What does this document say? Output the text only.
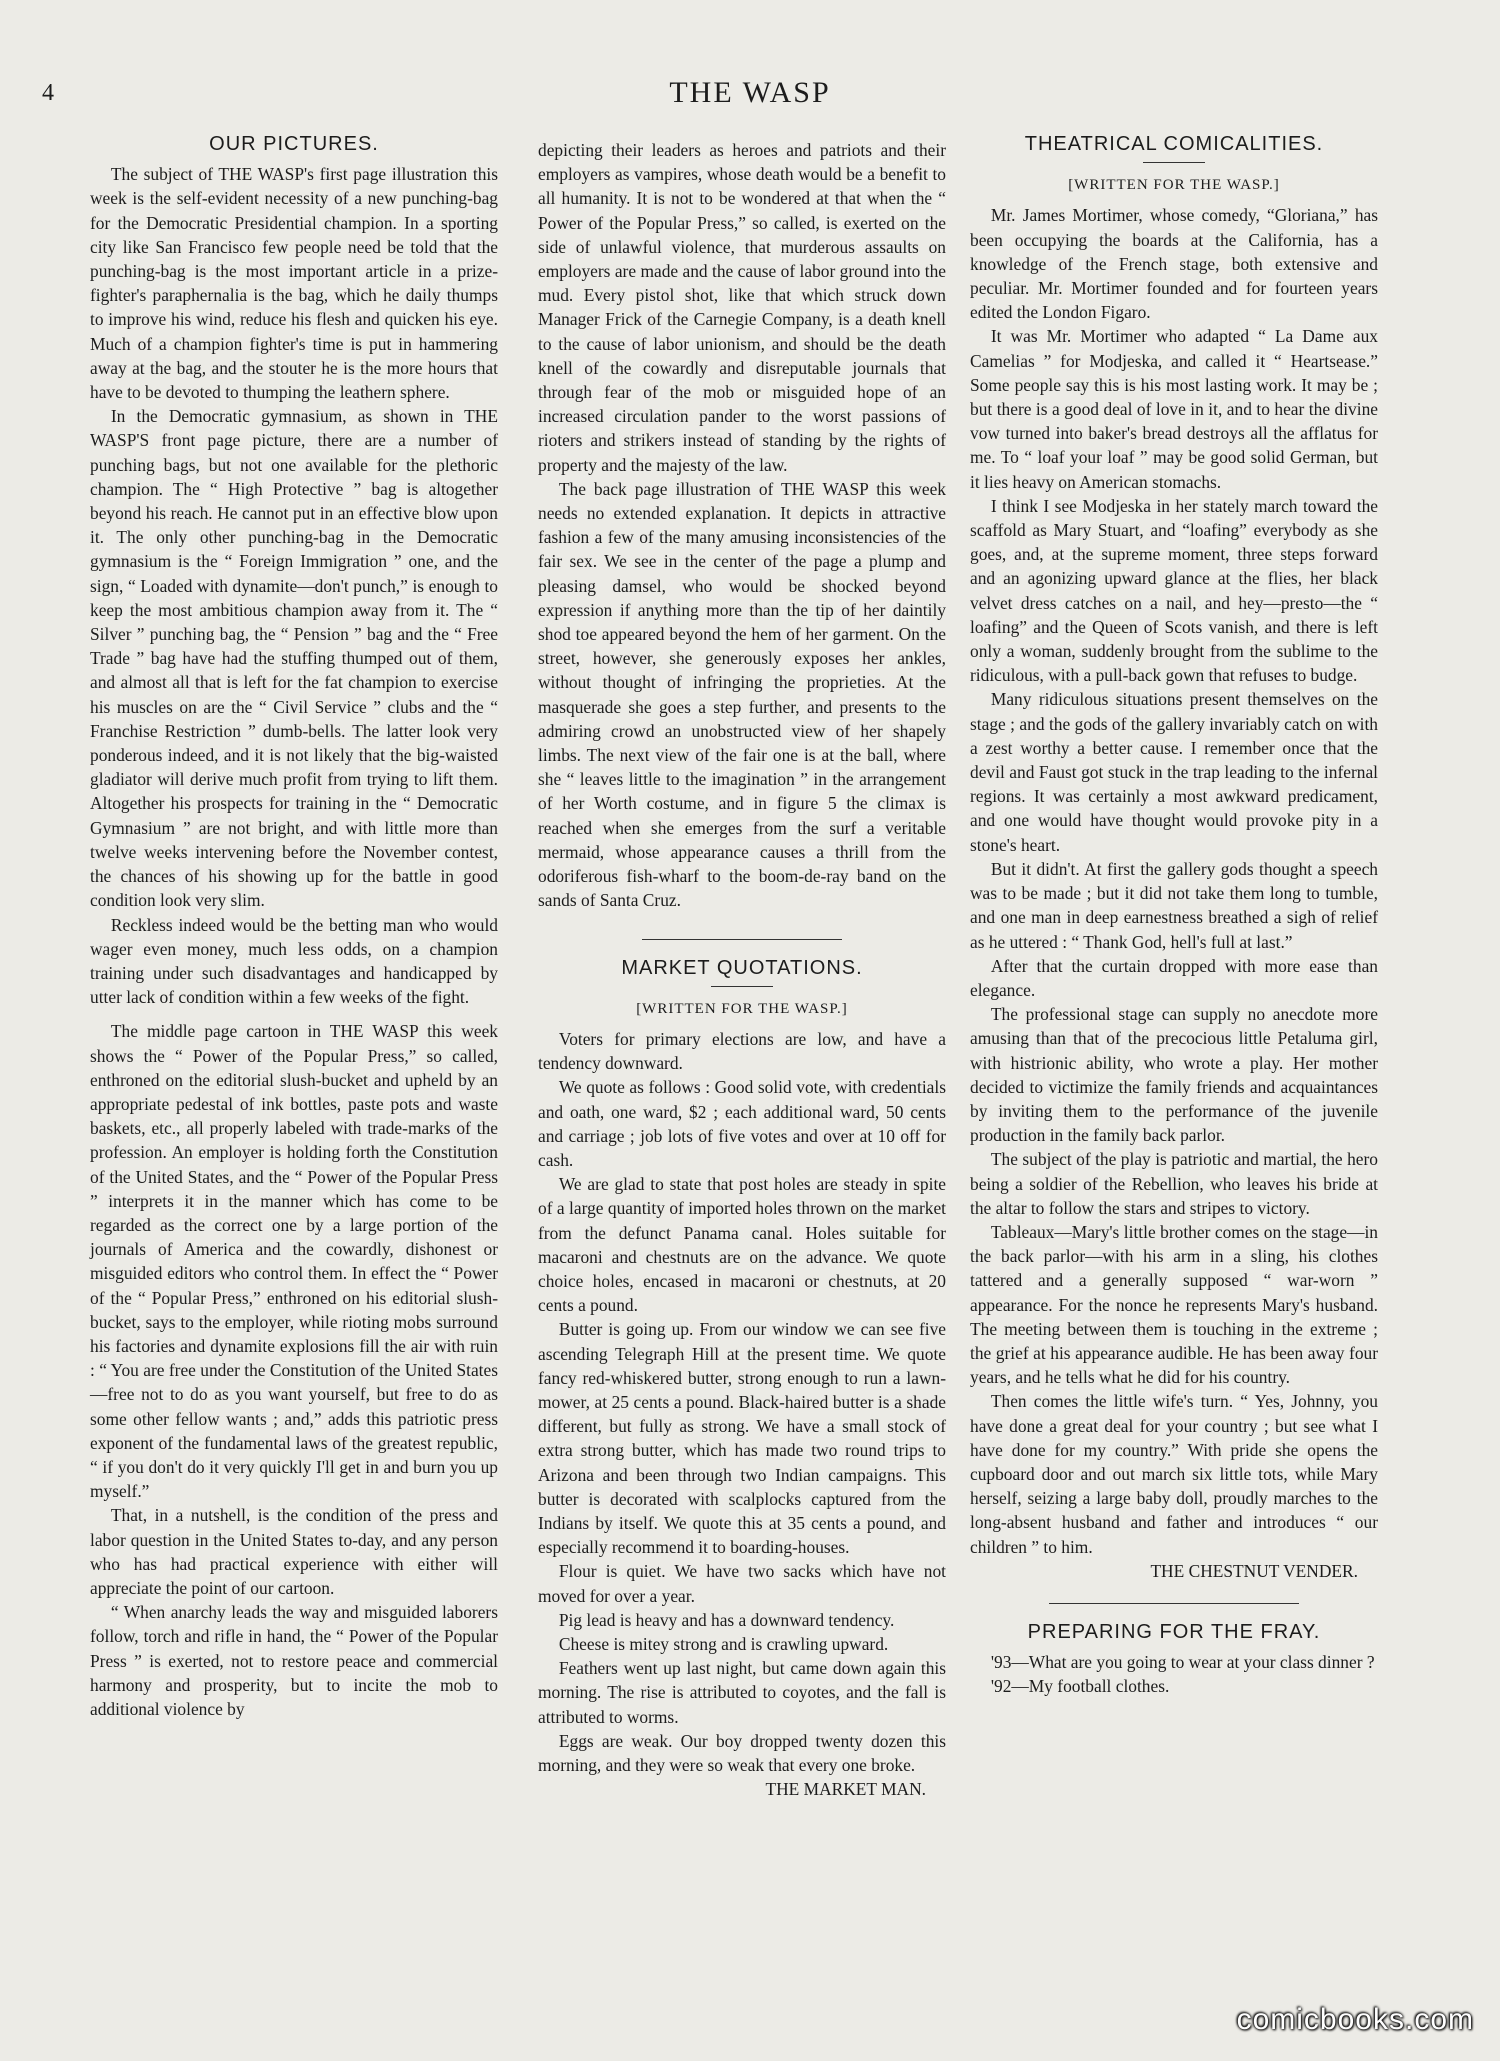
4	THE WASP
OUR PICTURES.

The subject of THE WASP's first page illustration this week is the self-evident necessity of a new punching-bag for the Democratic Presidential champion. In a sporting city like San Francisco few people need be told that the punching-bag is the most important article in a prize-fighter's paraphernalia is the bag, which he daily thumps to improve his wind, reduce his flesh and quicken his eye. Much of a champion fighter's time is put in hammering away at the bag, and the stouter he is the more hours that have to be devoted to thumping the leathern sphere.

In the Democratic gymnasium, as shown in THE WASP'S front page picture, there are a number of punching bags, but not one available for the plethoric champion. The “ High Protective ” bag is altogether beyond his reach. He cannot put in an effective blow upon it. The only other punching-bag in the Democratic gymnasium is the “ Foreign Immigration ” one, and the sign, “ Loaded with dynamite—don't punch,” is enough to keep the most ambitious champion away from it. The “ Silver ” punching bag, the “ Pension ” bag and the “ Free Trade ” bag have had the stuffing thumped out of them, and almost all that is left for the fat champion to exercise his muscles on are the “ Civil Service ” clubs and the “ Franchise Restriction ” dumb-bells. The latter look very ponderous indeed, and it is not likely that the big-waisted gladiator will derive much profit from trying to lift them. Altogether his prospects for training in the “ Democratic Gymnasium ” are not bright, and with little more than twelve weeks intervening before the November contest, the chances of his showing up for the battle in good condition look very slim.

Reckless indeed would be the betting man who would wager even money, much less odds, on a champion training under such disadvantages and handicapped by utter lack of condition within a few weeks of the fight.

The middle page cartoon in THE WASP this week shows the “ Power of the Popular Press,” so called, enthroned on the editorial slush-bucket and upheld by an appropriate pedestal of ink bottles, paste pots and waste baskets, etc., all properly labeled with trade-marks of the profession. An employer is holding forth the Constitution of the United States, and the “ Power of the Popular Press ” interprets it in the manner which has come to be regarded as the correct one by a large portion of the journals of America and the cowardly, dishonest or misguided editors who control them. In effect the “ Power of the “ Popular Press,” enthroned on his editorial slush-bucket, says to the employer, while rioting mobs surround his factories and dynamite explosions fill the air with ruin : “ You are free under the Constitution of the United States—free not to do as you want yourself, but free to do as some other fellow wants ; and,” adds this patriotic press exponent of the fundamental laws of the greatest republic, “ if you don't do it very quickly I'll get in and burn you up myself.”

That, in a nutshell, is the condition of the press and labor question in the United States to-day, and any person who has had practical experience with either will appreciate the point of our cartoon.

“ When anarchy leads the way and misguided laborers follow, torch and rifle in hand, the “ Power of the Popular Press ” is exerted, not to restore peace and commercial harmony and prosperity, but to incite the mob to additional violence by

depicting their leaders as heroes and patriots and their employers as vampires, whose death would be a benefit to all humanity. It is not to be wondered at that when the “ Power of the Popular Press,” so called, is exerted on the side of unlawful violence, that murderous assaults on employers are made and the cause of labor ground into the mud. Every pistol shot, like that which struck down Manager Frick of the Carnegie Company, is a death knell to the cause of labor unionism, and should be the death knell of the cowardly and disreputable journals that through fear of the mob or misguided hope of an increased circulation pander to the worst passions of rioters and strikers instead of standing by the rights of property and the majesty of the law.

The back page illustration of THE WASP this week needs no extended explanation. It depicts in attractive fashion a few of the many amusing inconsistencies of the fair sex. We see in the center of the page a plump and pleasing damsel, who would be shocked beyond expression if anything more than the tip of her daintily shod toe appeared beyond the hem of her garment. On the street, however, she generously exposes her ankles, without thought of infringing the proprieties. At the masquerade she goes a step further, and presents to the admiring crowd an unobstructed view of her shapely limbs. The next view of the fair one is at the ball, where she “ leaves little to the imagination ” in the arrangement of her Worth costume, and in figure 5 the climax is reached when she emerges from the surf a veritable mermaid, whose appearance causes a thrill from the odoriferous fish-wharf to the boom-de-ray band on the sands of Santa Cruz.

MARKET QUOTATIONS.
[WRITTEN FOR THE WASP.]

Voters for primary elections are low, and have a tendency downward.

We quote as follows : Good solid vote, with credentials and oath, one ward, $2 ; each additional ward, 50 cents and carriage ; job lots of five votes and over at 10 off for cash.

We are glad to state that post holes are steady in spite of a large quantity of imported holes thrown on the market from the defunct Panama canal. Holes suitable for macaroni and chestnuts are on the advance. We quote choice holes, encased in macaroni or chestnuts, at 20 cents a pound.

Butter is going up. From our window we can see five ascending Telegraph Hill at the present time. We quote fancy red-whiskered butter, strong enough to run a lawn-mower, at 25 cents a pound. Black-haired butter is a shade different, but fully as strong. We have a small stock of extra strong butter, which has made two round trips to Arizona and been through two Indian campaigns. This butter is decorated with scalplocks captured from the Indians by itself. We quote this at 35 cents a pound, and especially recommend it to boarding-houses.

Flour is quiet. We have two sacks which have not moved for over a year.

Pig lead is heavy and has a downward tendency.

Cheese is mitey strong and is crawling upward.

Feathers went up last night, but came down again this morning. The rise is attributed to coyotes, and the fall is attributed to worms.

Eggs are weak. Our boy dropped twenty dozen this morning, and they were so weak that every one broke.

THE MARKET MAN.
THEATRICAL COMICALITIES.
[WRITTEN FOR THE WASP.]

Mr. James Mortimer, whose comedy, “Gloriana,” has been occupying the boards at the California, has a knowledge of the French stage, both extensive and peculiar. Mr. Mortimer founded and for fourteen years edited the London Figaro.

It was Mr. Mortimer who adapted “ La Dame aux Camelias ” for Modjeska, and called it “ Heartsease.” Some people say this is his most lasting work. It may be ; but there is a good deal of love in it, and to hear the divine vow turned into baker's bread destroys all the afflatus for me. To “ loaf your loaf ” may be good solid German, but it lies heavy on American stomachs.

I think I see Modjeska in her stately march toward the scaffold as Mary Stuart, and “loafing” everybody as she goes, and, at the supreme moment, three steps forward and an agonizing upward glance at the flies, her black velvet dress catches on a nail, and hey—presto—the “ loafing” and the Queen of Scots vanish, and there is left only a woman, suddenly brought from the sublime to the ridiculous, with a pull-back gown that refuses to budge.

Many ridiculous situations present themselves on the stage ; and the gods of the gallery invariably catch on with a zest worthy a better cause. I remember once that the devil and Faust got stuck in the trap leading to the infernal regions. It was certainly a most awkward predicament, and one would have thought would provoke pity in a stone's heart.

But it didn't. At first the gallery gods thought a speech was to be made ; but it did not take them long to tumble, and one man in deep earnestness breathed a sigh of relief as he uttered : “ Thank God, hell's full at last.”

After that the curtain dropped with more ease than elegance.

The professional stage can supply no anecdote more amusing than that of the precocious little Petaluma girl, with histrionic ability, who wrote a play. Her mother decided to victimize the family friends and acquaintances by inviting them to the performance of the juvenile production in the family back parlor.

The subject of the play is patriotic and martial, the hero being a soldier of the Rebellion, who leaves his bride at the altar to follow the stars and stripes to victory.

Tableaux—Mary's little brother comes on the stage—in the back parlor—with his arm in a sling, his clothes tattered and a generally supposed “ war-worn ” appearance. For the nonce he represents Mary's husband. The meeting between them is touching in the extreme ; the grief at his appearance audible. He has been away four years, and he tells what he did for his country.

Then comes the little wife's turn. “ Yes, Johnny, you have done a great deal for your country ; but see what I have done for my country.” With pride she opens the cupboard door and out march six little tots, while Mary herself, seizing a large baby doll, proudly marches to the long-absent husband and father and introduces “ our children ” to him.

THE CHESTNUT VENDER.
PREPARING FOR THE FRAY.

'93—What are you going to wear at your class dinner ?

'92—My football clothes.

comicbooks.com
